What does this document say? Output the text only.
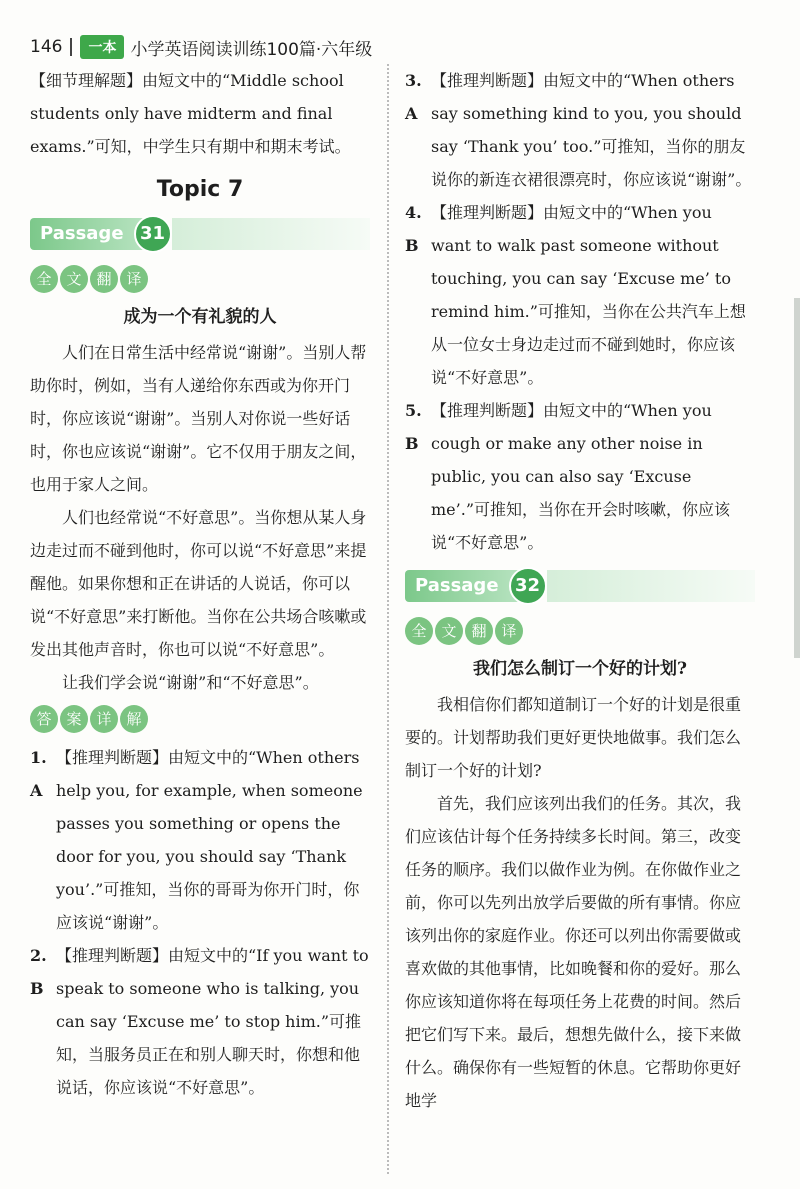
146	一本 小学英语阅读训练100篇·六年级

【细节理解题】由短文中的“Middle school students only have midterm and final exams.”可知，中学生只有期中和期末考试。

Topic 7
Passage 31
全 文 翻 译
成为一个有礼貌的人

人们在日常生活中经常说“谢谢”。当别人帮助你时，例如，当有人递给你东西或为你开门时，你应该说“谢谢”。当别人对你说一些好话时，你也应该说“谢谢”。它不仅用于朋友之间，也用于家人之间。

人们也经常说“不好意思”。当你想从某人身边走过而不碰到他时，你可以说“不好意思”来提醒他。如果你想和正在讲话的人说话，你可以说“不好意思”来打断他。当你在公共场合咳嗽或发出其他声音时，你也可以说“不好意思”。

让我们学会说“谢谢”和“不好意思”。

答 案 详 解
1. A
【推理判断题】由短文中的“When others help you, for example, when someone passes you something or opens the door for you, you should say ‘Thank you’.”可推知，当你的哥哥为你开门时，你应该说“谢谢”。
2. B
【推理判断题】由短文中的“If you want to speak to someone who is talking, you can say ‘Excuse me’ to stop him.”可推知，当服务员正在和别人聊天时，你想和他说话，你应该说“不好意思”。
3. A
【推理判断题】由短文中的“When others say something kind to you, you should say ‘Thank you’ too.”可推知，当你的朋友说你的新连衣裙很漂亮时，你应该说“谢谢”。
4. B
【推理判断题】由短文中的“When you want to walk past someone without touching, you can say ‘Excuse me’ to remind him.”可推知，当你在公共汽车上想从一位女士身边走过而不碰到她时，你应该说“不好意思”。
5. B
【推理判断题】由短文中的“When you cough or make any other noise in public, you can also say ‘Excuse me’.”可推知，当你在开会时咳嗽，你应该说“不好意思”。
Passage 32
全 文 翻 译
我们怎么制订一个好的计划?

我相信你们都知道制订一个好的计划是很重要的。计划帮助我们更好更快地做事。我们怎么制订一个好的计划?

首先，我们应该列出我们的任务。其次，我们应该估计每个任务持续多长时间。第三，改变任务的顺序。我们以做作业为例。在你做作业之前，你可以先列出放学后要做的所有事情。你应该列出你的家庭作业。你还可以列出你需要做或喜欢做的其他事情，比如晚餐和你的爱好。那么你应该知道你将在每项任务上花费的时间。然后把它们写下来。最后，想想先做什么，接下来做什么。确保你有一些短暂的休息。它帮助你更好地学
